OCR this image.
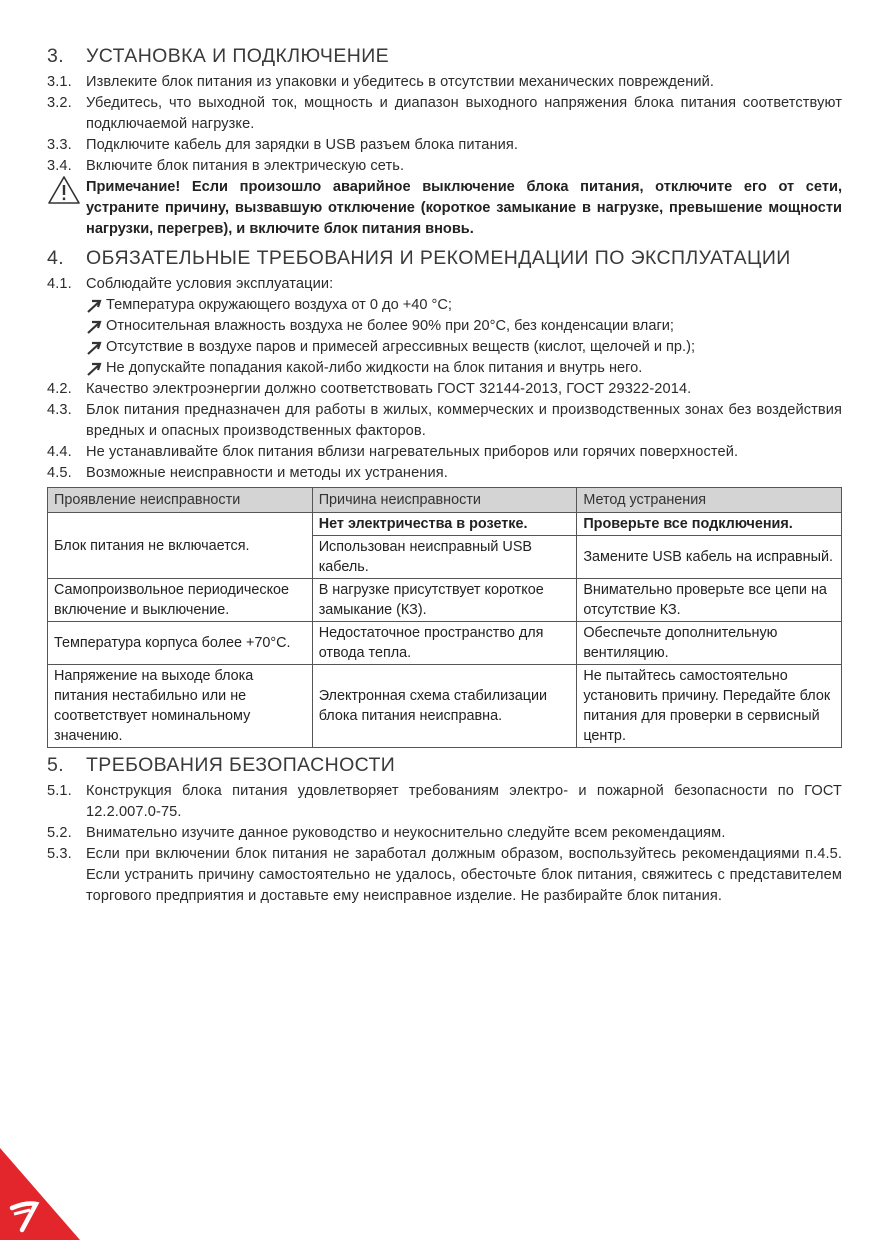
3.	УСТАНОВКА И ПОДКЛЮЧЕНИЕ
3.1. Извлеките блок питания из упаковки и убедитесь в отсутствии механических повреждений.
3.2. Убедитесь, что выходной ток, мощность и диапазон выходного напряжения блока питания соответствуют подключаемой нагрузке.
3.3. Подключите кабель для зарядки в USB разъем блока питания.
3.4. Включите блок питания в электрическую сеть.
Примечание! Если произошло аварийное выключение блока питания, отключите его от сети, устраните причину, вызвавшую отключение (короткое замыкание в нагрузке, превышение мощности нагрузки, перегрев), и включите блок питания вновь.
4.	ОБЯЗАТЕЛЬНЫЕ ТРЕБОВАНИЯ И РЕКОМЕНДАЦИИ ПО ЭКСПЛУАТАЦИИ
4.1. Соблюдайте условия эксплуатации:
Температура окружающего воздуха от 0 до +40 °С;
Относительная влажность воздуха не более 90% при 20°С, без конденсации влаги;
Отсутствие в воздухе паров и примесей агрессивных веществ (кислот, щелочей и пр.);
Не допускайте попадания какой-либо жидкости на блок питания и внутрь него.
4.2. Качество электроэнергии должно соответствовать ГОСТ 32144-2013, ГОСТ 29322-2014.
4.3. Блок питания предназначен для работы в жилых, коммерческих и производственных зонах без воздействия вредных и опасных производственных факторов.
4.4. Не устанавливайте блок питания вблизи нагревательных приборов или горячих поверхностей.
4.5. Возможные неисправности и методы их устранения.
Проявление неисправности	Причина неисправности	Метод устранения
Блок питания не включается.	Нет электричества в розетке.	Проверьте все подключения.
	Использован неисправный USB кабель.	Замените USB кабель на исправный.
Самопроизвольное периодическое включение и выключение.	В нагрузке присутствует короткое замыкание (КЗ).	Внимательно проверьте все цепи на отсутствие КЗ.
Температура корпуса более +70°С.	Недостаточное пространство для отвода тепла.	Обеспечьте дополнительную вентиляцию.
Напряжение на выходе блока питания нестабильно или не соответствует номинальному значению.	Электронная схема стабилизации блока питания неисправна.	Не пытайтесь самостоятельно установить причину. Передайте блок питания для проверки в сервисный центр.
5.	ТРЕБОВАНИЯ БЕЗОПАСНОСТИ
5.1. Конструкция блока питания удовлетворяет требованиям электро- и пожарной безопасности по ГОСТ 12.2.007.0-75.
5.2. Внимательно изучите данное руководство и неукоснительно следуйте всем рекомендациям.
5.3. Если при включении блок питания не заработал должным образом, воспользуйтесь рекомендациями п.4.5. Если устранить причину самостоятельно не удалось, обесточьте блок питания, свяжитесь с представителем торгового предприятия и доставьте ему неисправное изделие. Не разбирайте блок питания.
